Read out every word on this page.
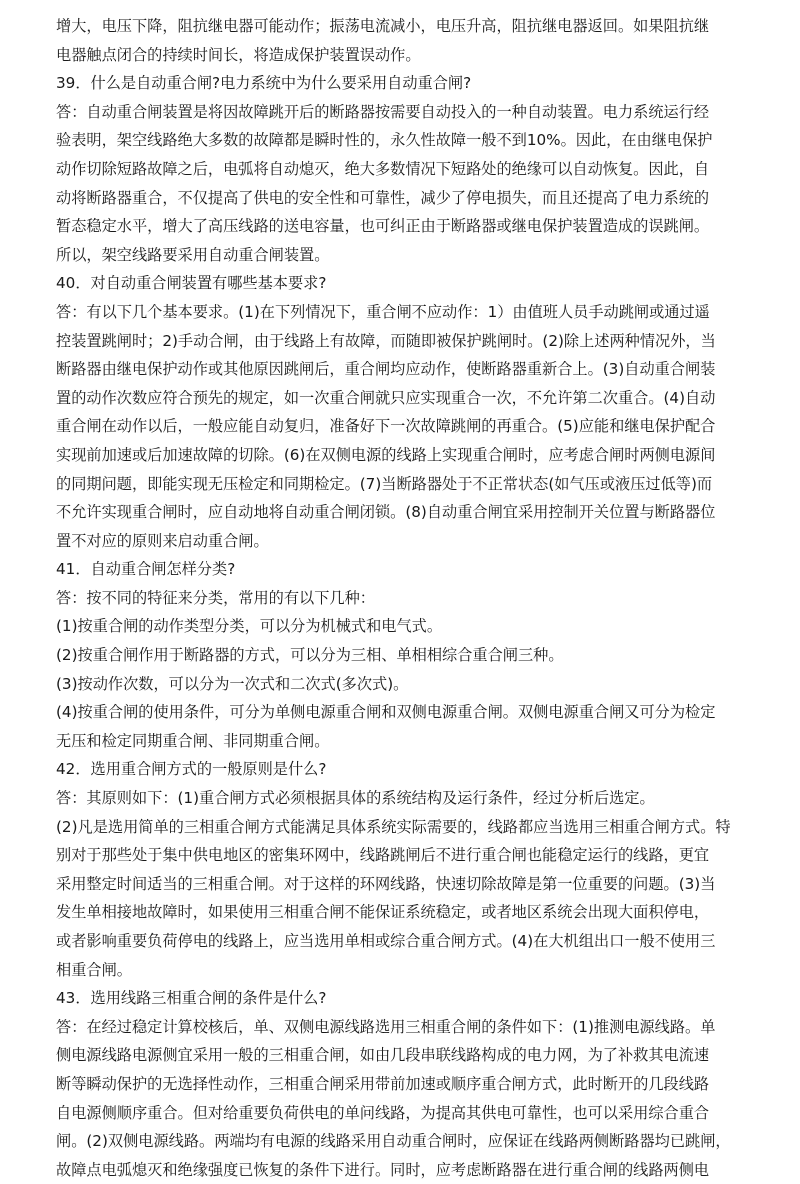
增大，电压下降，阻抗继电器可能动作；振荡电流减小，电压升高，阻抗继电器返回。如果阻抗继
电器触点闭合的持续时间长，将造成保护装置误动作。
39．什么是自动重合闸?电力系统中为什么要采用自动重合闸?
答：自动重合闸装置是将因故障跳开后的断路器按需要自动投入的一种自动装置。电力系统运行经
验表明，架空线路绝大多数的故障都是瞬时性的，永久性故障一般不到10%。因此，在由继电保护
动作切除短路故障之后，电弧将自动熄灭，绝大多数情况下短路处的绝缘可以自动恢复。因此，自
动将断路器重合，不仅提高了供电的安全性和可靠性，减少了停电损失，而且还提高了电力系统的
暂态稳定水平，增大了高压线路的送电容量，也可纠正由于断路器或继电保护装置造成的误跳闸。
所以，架空线路要采用自动重合闸装置。
40．对自动重合闸装置有哪些基本要求?
答：有以下几个基本要求。(1)在下列情况下，重合闸不应动作：1）由值班人员手动跳闸或通过遥
控装置跳闸时；2)手动合闸，由于线路上有故障，而随即被保护跳闸时。(2)除上述两种情况外，当
断路器由继电保护动作或其他原因跳闸后，重合闸均应动作，使断路器重新合上。(3)自动重合闸装
置的动作次数应符合预先的规定，如一次重合闸就只应实现重合一次，不允许第二次重合。(4)自动
重合闸在动作以后，一般应能自动复归，准备好下一次故障跳闸的再重合。(5)应能和继电保护配合
实现前加速或后加速故障的切除。(6)在双侧电源的线路上实现重合闸时，应考虑合闸时两侧电源间
的同期问题，即能实现无压检定和同期检定。(7)当断路器处于不正常状态(如气压或液压过低等)而
不允许实现重合闸时，应自动地将自动重合闸闭锁。(8)自动重合闸宜采用控制开关位置与断路器位
置不对应的原则来启动重合闸。
41．自动重合闸怎样分类?
答：按不同的特征来分类，常用的有以下几种：
(1)按重合闸的动作类型分类，可以分为机械式和电气式。
(2)按重合闸作用于断路器的方式，可以分为三相、单相相综合重合闸三种。
(3)按动作次数，可以分为一次式和二次式(多次式)。
(4)按重合闸的使用条件，可分为单侧电源重合闸和双侧电源重合闸。双侧电源重合闸又可分为检定
无压和检定同期重合闸、非同期重合闸。
42．选用重合闸方式的一般原则是什么?
答：其原则如下：(1)重合闸方式必须根据具体的系统结构及运行条件，经过分析后选定。
(2)凡是选用简单的三相重合闸方式能满足具体系统实际需要的，线路都应当选用三相重合闸方式。特
别对于那些处于集中供电地区的密集环网中，线路跳闸后不进行重合闸也能稳定运行的线路，更宜
采用整定时间适当的三相重合闸。对于这样的环网线路，快速切除故障是第一位重要的问题。(3)当
发生单相接地故障时，如果使用三相重合闸不能保证系统稳定，或者地区系统会出现大面积停电，
或者影响重要负荷停电的线路上，应当选用单相或综合重合闸方式。(4)在大机组出口一般不使用三
相重合闸。
43．选用线路三相重合闸的条件是什么?
答：在经过稳定计算校核后，单、双侧电源线路选用三相重合闸的条件如下：(1)推测电源线路。单
侧电源线路电源侧宜采用一般的三相重合闸，如由几段串联线路构成的电力网，为了补救其电流速
断等瞬动保护的无选择性动作，三相重合闸采用带前加速或顺序重合闸方式，此时断开的几段线路
自电源侧顺序重合。但对给重要负荷供电的单问线路，为提高其供电可靠性，也可以采用综合重合
闸。(2)双侧电源线路。两端均有电源的线路采用自动重合闸时，应保证在线路两侧断路器均已跳闸，
故障点电弧熄灭和绝缘强度已恢复的条件下进行。同时，应考虑断路器在进行重合闸的线路两侧电
